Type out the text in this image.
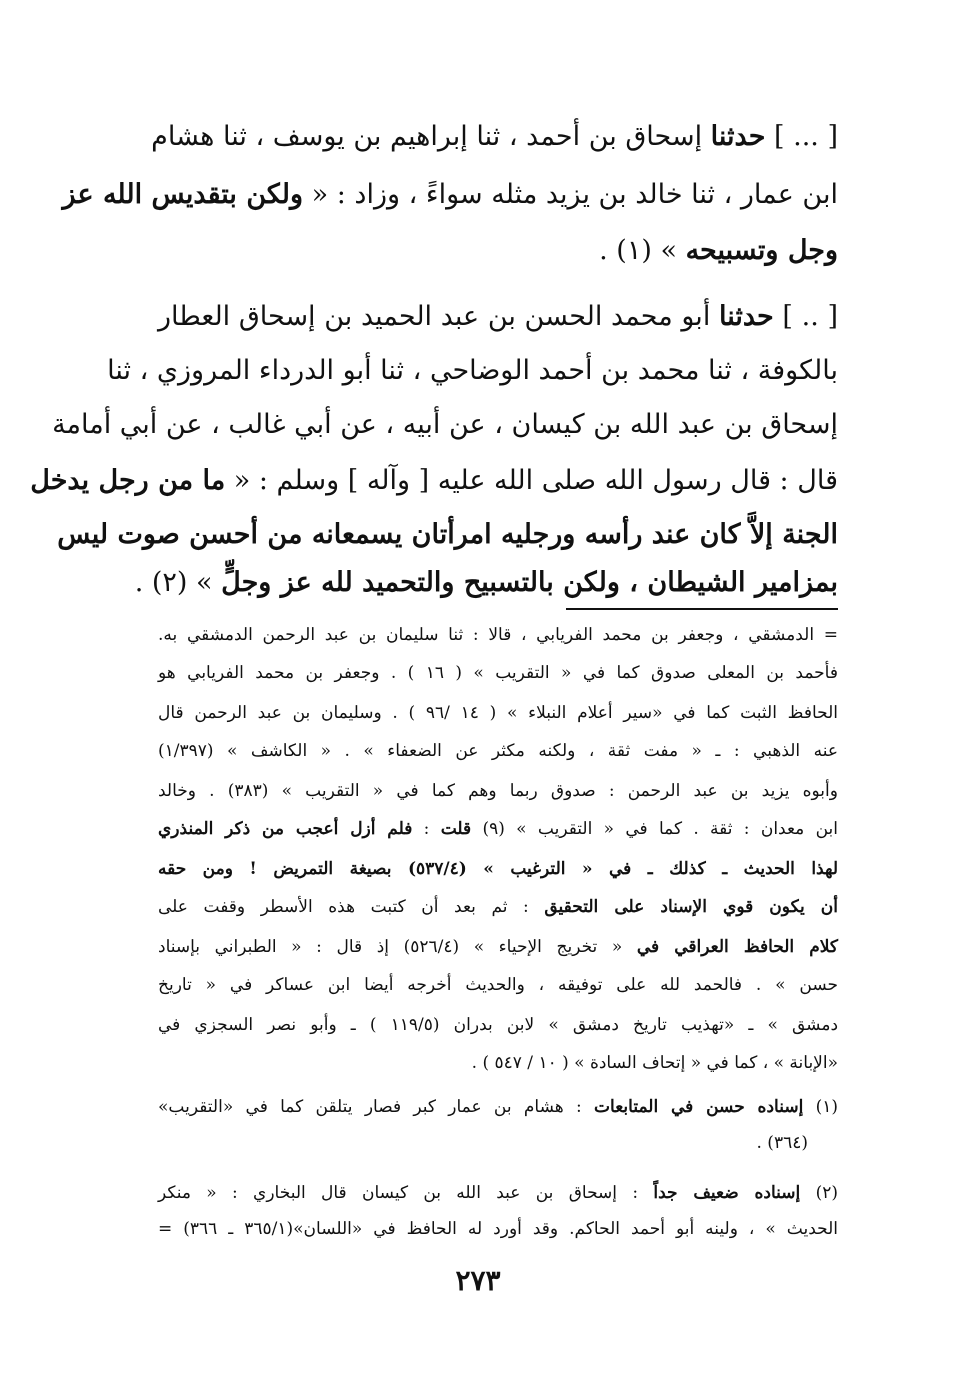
[ ... ] حدثنا إسحاق بن أحمد ، ثنا إبراهيم بن يوسف ، ثنا هشام
ابن عمار ، ثنا خالد بن يزيد مثله سواءً ، وزاد : « ولكن بتقديس الله عز
وجل وتسبيحه » (١) .
[ .. ] حدثنا أبو محمد الحسن بن عبد الحميد بن إسحاق العطار
بالكوفة ، ثنا محمد بن أحمد الوضاحي ، ثنا أبو الدرداء المروزي ، ثنا
إسحاق بن عبد الله بن كيسان ، عن أبيه ، عن أبي غالب ، عن أبي أمامة
قال : قال رسول الله صلى الله عليه [ وآله ] وسلم : « ما من رجل يدخل
الجنة إلاَّ كان عند رأسه ورجليه امرأتان يسمعانه من أحسن صوت ليس
بمزامير الشيطان ، ولكن بالتسبيح والتحميد لله عز وجلٍّ » (٢) .
= الدمشقي ، وجعفر بن محمد الفريابي ، قالا : ثنا سليمان بن عبد الرحمن الدمشقي به.
فأحمد بن المعلى صدوق كما في « التقريب » ( ١٦ ) . وجعفر بن محمد الفريابي هو
الحافظ الثبت كما في «سير أعلام النبلاء » ( ١٤ /٩٦ ) . وسليمان بن عبد الرحمن قال
عنه الذهبي : ـ « مفت ثقة ، ولكنه مكثر عن الضعفاء » . « الكاشف » (١/٣٩٧)
وأبوه يزيد بن عبد الرحمن : صدوق ربما وهم كما في « التقريب » (٣٨٣) . وخالد
ابن معدان : ثقة . كما في « التقريب » (٩) قلت : فلم أزل أعجب من ذكر المنذري
لهذا الحديث ـ كذلك ـ في « الترغيب » (٥٣٧/٤) بصيغة التمريض ! ومن حقه
أن يكون قوي الإسناد على التحقيق : ثم بعد أن كتبت هذه الأسطر وقفت على
كلام الحافظ العراقي في « تخريج الإحياء » (٥٢٦/٤) إذ قال : « الطبراني بإسناد
حسن » . فالحمد لله على توفيقه ، والحديث أخرجه أيضا ابن عساكر في « تاريخ
دمشق » ـ «تهذيب تاريخ دمشق » لابن بدران (١١٩/٥ ) ـ وأبو نصر السجزي في
«الإبانة » ، كما في « إتحاف السادة » ( ١٠ / ٥٤٧ ) .
(١) إسناده حسن في المتابعات : هشام بن عمار كبر فصار يتلقن كما في «التقريب»
(٣٦٤) .
(٢) إسناده ضعيف جداً : إسحاق بن عبد الله بن كيسان قال البخاري : « منكر
الحديث » ، ولينه أبو أحمد الحاكم. وقد أورد له الحافظ في «اللسان»(٣٦٥/١ ـ ٣٦٦) =
٢٧٣
